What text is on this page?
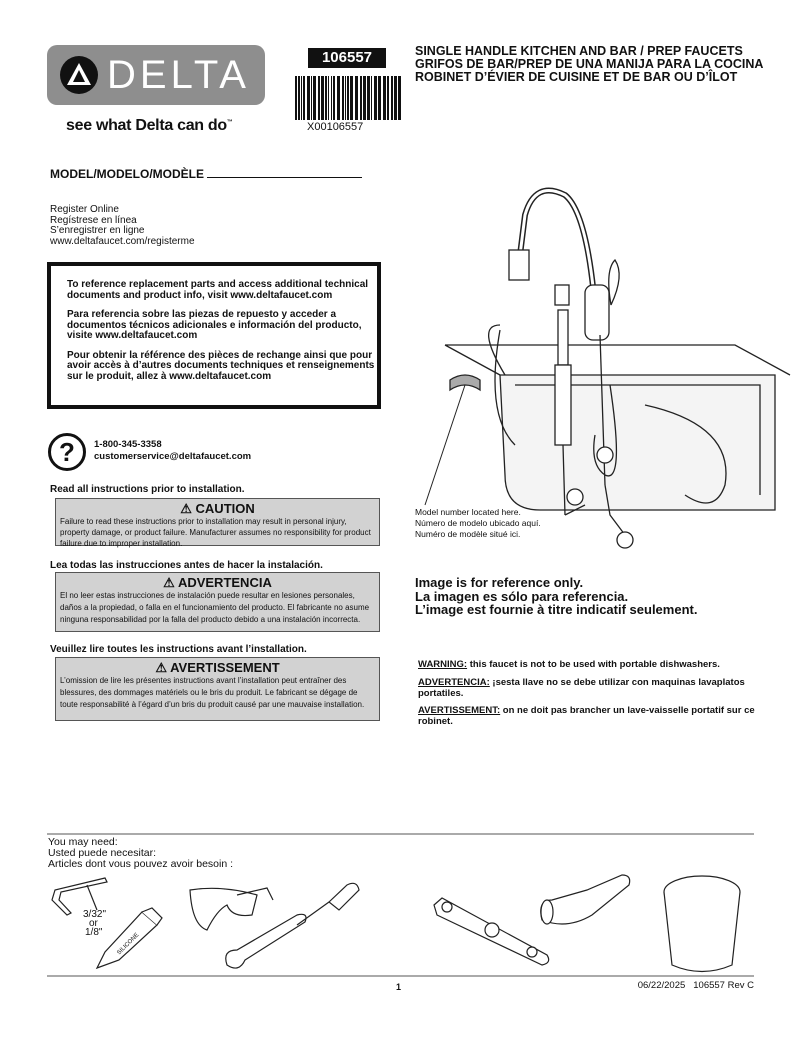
DELTA
see what Delta can do™
106557
X00106557
SINGLE HANDLE KITCHEN AND BAR / PREP FAUCETS
GRIFOS DE BAR/PREP DE UNA MANIJA PARA LA COCINA
ROBINET D’ÉVIER DE CUISINE ET DE BAR OU D’ÎLOT
MODEL/MODELO/MODÈLE
Register Online
Regístrese en línea
S’enregistrer en ligne
www.deltafaucet.com/registerme

To reference replacement parts and access additional technical documents and product info, visit www.deltafaucet.com

Para referencia sobre las piezas de repuesto y acceder a documentos técnicos adicionales e información del producto, visite www.deltafaucet.com

Pour obtenir la référence des pièces de rechange ainsi que pour avoir accès à d’autres documents techniques et renseignements sur le produit, allez à www.deltafaucet.com

?	1-800-345-3358
customerservice@deltafaucet.com
Read all instructions prior to installation.
⚠ CAUTION
Failure to read these instructions prior to installation may result in personal injury, property damage, or product failure. Manufacturer assumes no responsibility for product failure due to improper installation.
Lea todas las instrucciones antes de hacer la instalación.
⚠ ADVERTENCIA
El no leer estas instrucciones de instalación puede resultar en lesiones personales, daños a la propiedad, o falla en el funcionamiento del producto. El fabricante no asume ninguna responsabilidad por la falla del producto debido a una instalación incorrecta.
Veuillez lire toutes les instructions avant l’installation.
⚠ AVERTISSEMENT
L’omission de lire les présentes instructions avant l’installation peut entraîner des blessures, des dommages matériels ou le bris du produit. Le fabricant se dégage de toute responsabilité à l’égard d’un bris du produit causé par une mauvaise installation.
Model number located here.
Número de modelo ubicado aquí.
Numéro de modèle situé ici.
Image is for reference only.
La imagen es sólo para referencia.
L’image est fournie à titre indicatif seulement.
WARNING: this faucet is not to be used with portable dishwashers.
ADVERTENCIA: ¡sesta llave no se debe utilizar con maquinas lavaplatos portatiles.
AVERTISSEMENT: on ne doit pas brancher un lave-vaisselle portatif sur ce robinet.
You may need:
Usted puede necesitar:
Articles dont vous pouvez avoir besoin :
3/32"
or
1/8" SILICONE
1	06/22/2025 106557 Rev C
